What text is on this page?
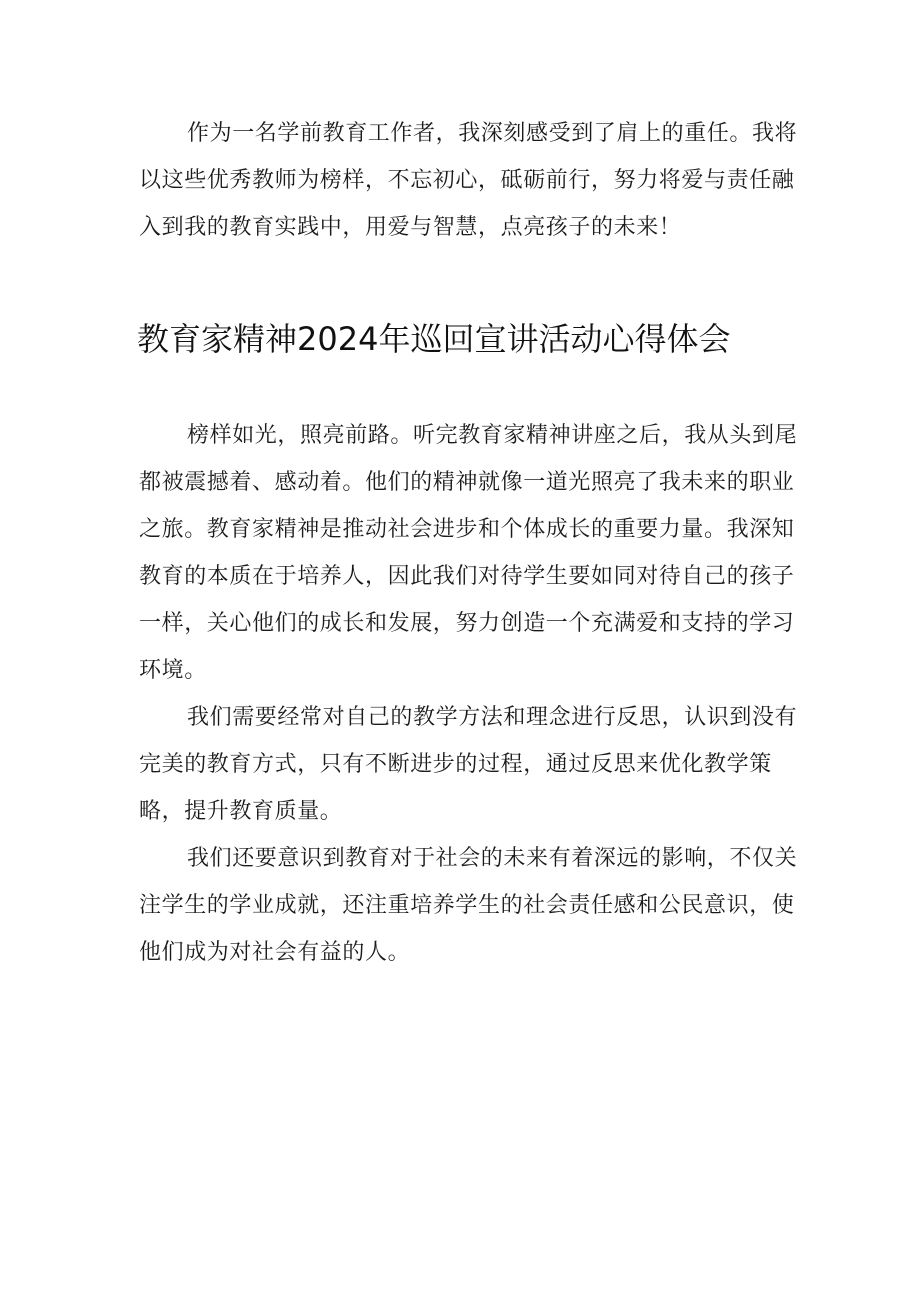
作为一名学前教育工作者，我深刻感受到了肩上的重任。我将以这些优秀教师为榜样，不忘初心，砥砺前行，努力将爱与责任融入到我的教育实践中，用爱与智慧，点亮孩子的未来！

教育家精神2024年巡回宣讲活动心得体会

榜样如光，照亮前路。听完教育家精神讲座之后，我从头到尾都被震撼着、感动着。他们的精神就像一道光照亮了我未来的职业之旅。教育家精神是推动社会进步和个体成长的重要力量。我深知教育的本质在于培养人，因此我们对待学生要如同对待自己的孩子一样，关心他们的成长和发展，努力创造一个充满爱和支持的学习环境。

我们需要经常对自己的教学方法和理念进行反思，认识到没有完美的教育方式，只有不断进步的过程，通过反思来优化教学策略，提升教育质量。

我们还要意识到教育对于社会的未来有着深远的影响，不仅关注学生的学业成就，还注重培养学生的社会责任感和公民意识，使他们成为对社会有益的人。
